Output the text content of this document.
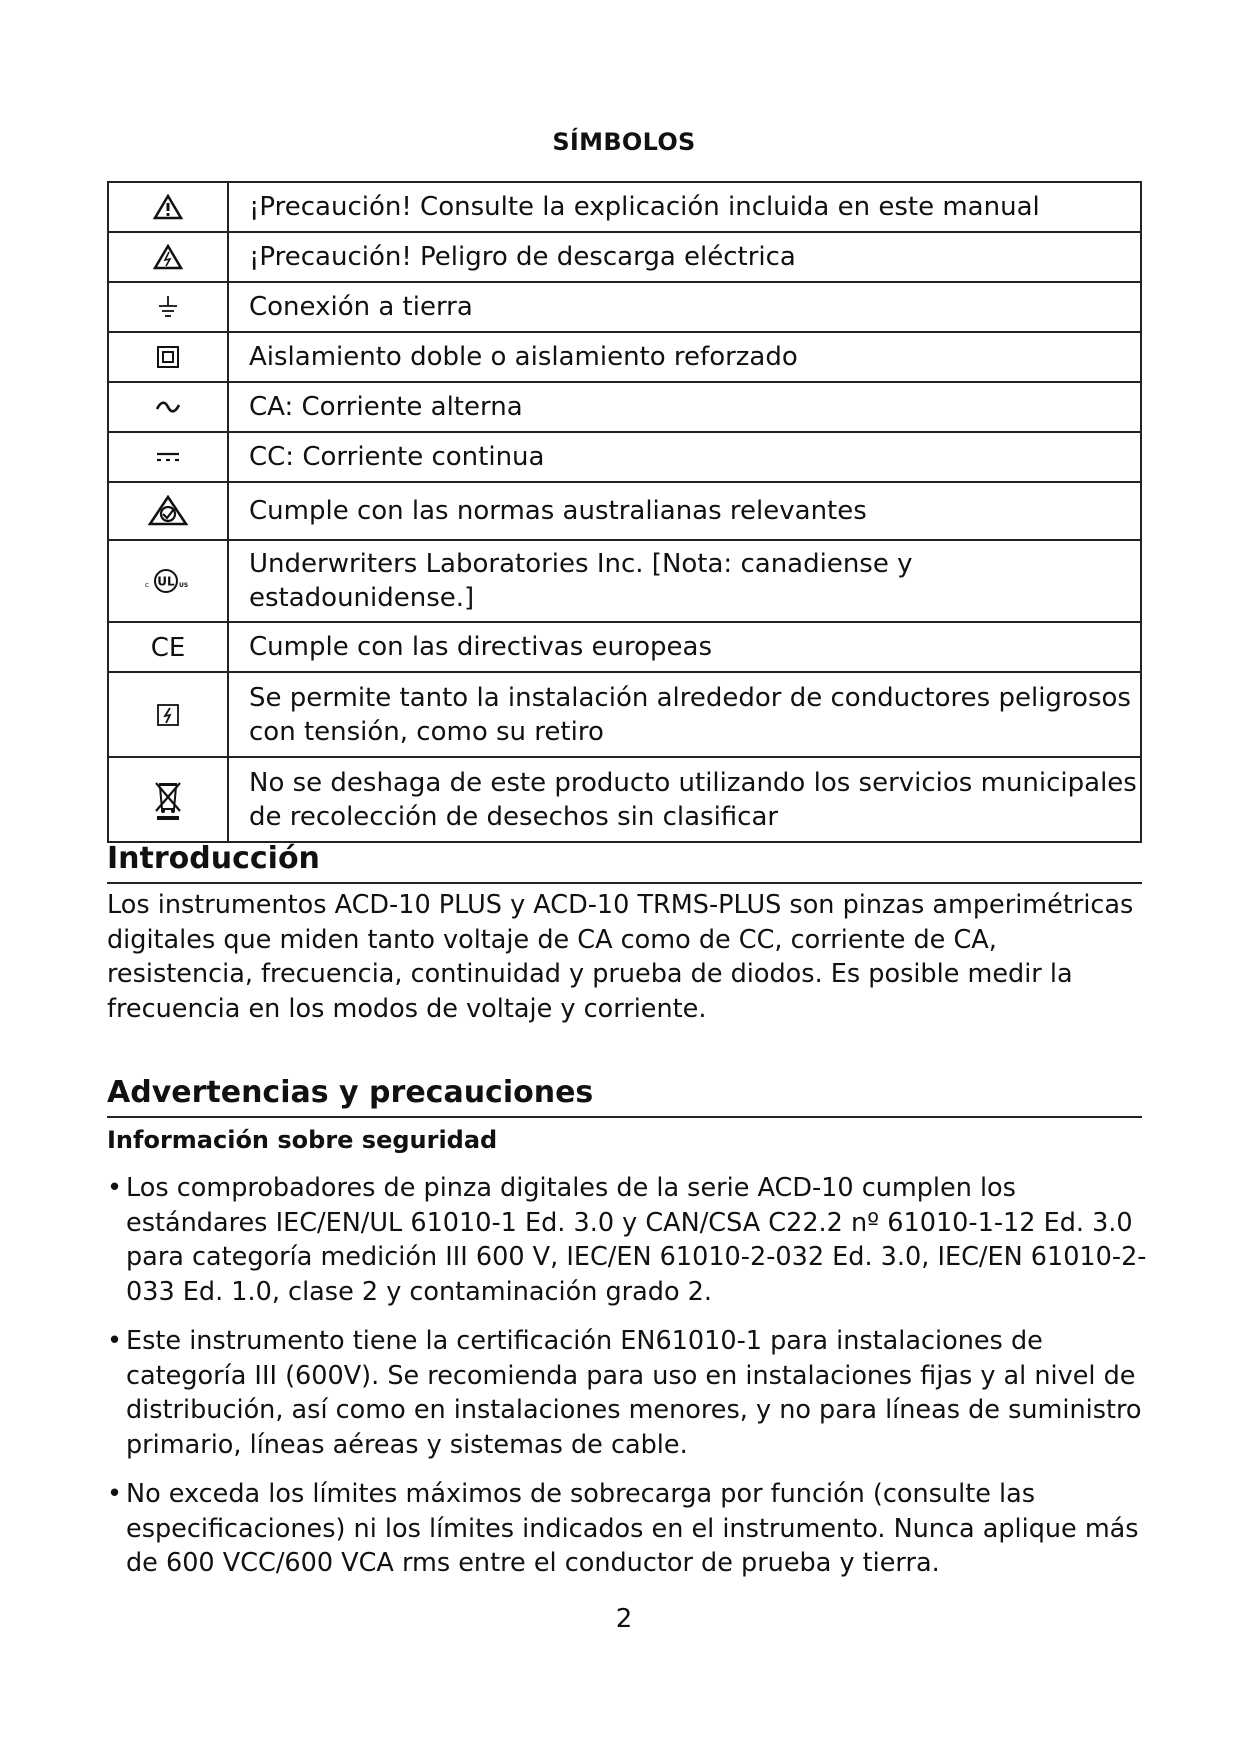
SÍMBOLOS
	¡Precaución! Consulte la explicación incluida en este manual

	¡Precaución! Peligro de descarga eléctrica

	Conexión a tierra

	Aislamiento doble o aislamiento reforzado

	CA: Corriente alterna

	CC: Corriente continua

	Cumple con las normas australianas relevantes

c UL US	Underwriters Laboratories Inc. [Nota: canadiense y estadounidense.]

CE	Cumple con las directivas europeas

	Se permite tanto la instalación alrededor de conductores peligrosos con tensión, como su retiro

	No se deshaga de este producto utilizando los servicios municipales de recolección de desechos sin clasificar
Introducción

Los instrumentos ACD-10 PLUS y ACD-10 TRMS-PLUS son pinzas amperimétricas digitales que miden tanto voltaje de CA como de CC, corriente de CA, resistencia, frecuencia, continuidad y prueba de diodos. Es posible medir la frecuencia en los modos de voltaje y corriente.

Advertencias y precauciones
Información sobre seguridad
• Los comprobadores de pinza digitales de la serie ACD-10 cumplen los estándares IEC/EN/UL 61010-1 Ed. 3.0 y CAN/CSA C22.2 nº 61010-1-12 Ed. 3.0 para categoría medición III 600 V, IEC/EN 61010-2-032 Ed. 3.0, IEC/EN 61010-2-033 Ed. 1.0, clase 2 y contaminación grado 2.
• Este instrumento tiene la certificación EN61010-1 para instalaciones de categoría III (600V). Se recomienda para uso en instalaciones fijas y al nivel de distribución, así como en instalaciones menores, y no para líneas de suministro primario, líneas aéreas y sistemas de cable.
• No exceda los límites máximos de sobrecarga por función (consulte las especificaciones) ni los límites indicados en el instrumento. Nunca aplique más de 600 VCC/600 VCA rms entre el conductor de prueba y tierra.
2
